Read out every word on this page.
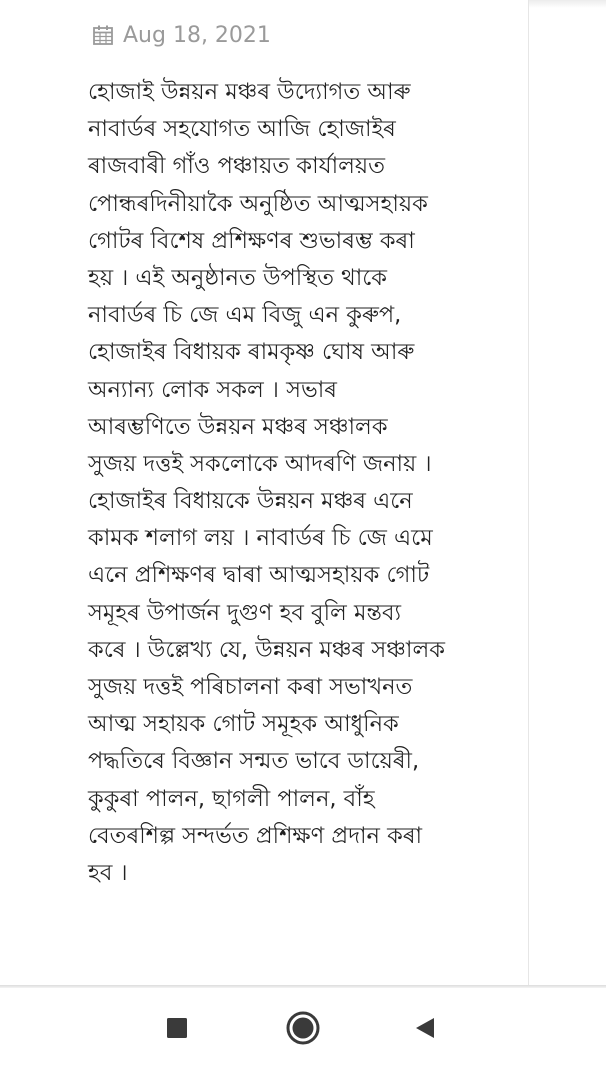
Aug 18, 2021
হোজাই উন্নয়ন মঞ্চৰ উদ্যোগত আৰু
নাবাৰ্ডৰ সহযোগত আজি হোজাইৰ
ৰাজবাৰী গাঁও পঞ্চায়ত কাৰ্যালয়ত
পোন্ধৰদিনীয়াকৈ অনুষ্ঠিত আত্মসহায়ক
গোটৰ বিশেষ প্ৰশিক্ষণৰ শুভাৰম্ভ কৰা
হয় । এই অনুষ্ঠানত উপস্থিত থাকে
নাবাৰ্ডৰ চি জে এম বিজু এন কুৰুপ,
হোজাইৰ বিধায়ক ৰামকৃষ্ণ ঘোষ আৰু
অন্যান্য লোক সকল । সভাৰ
আৰম্ভণিতে উন্নয়ন মঞ্চৰ সঞ্চালক
সুজয় দত্তই সকলোকে আদৰণি জনায় ।
হোজাইৰ বিধায়কে উন্নয়ন মঞ্চৰ এনে
কামক শলাগ লয় । নাবাৰ্ডৰ চি জে এমে
এনে প্ৰশিক্ষণৰ দ্বাৰা আত্মসহায়ক গোট
সমূহৰ উপাৰ্জন দুগুণ হব বুলি মন্তব্য
কৰে । উল্লেখ্য যে, উন্নয়ন মঞ্চৰ সঞ্চালক
সুজয় দত্তই পৰিচালনা কৰা সভাখনত
আত্ম সহায়ক গোট সমূহক আধুনিক
পদ্ধতিৰে বিজ্ঞান সন্মত ভাবে ডায়েৰী,
কুকুৰা পালন, ছাগলী পালন, বাঁহ
বেতৰশিল্প সন্দৰ্ভত প্ৰশিক্ষণ প্ৰদান কৰা
হব ।
